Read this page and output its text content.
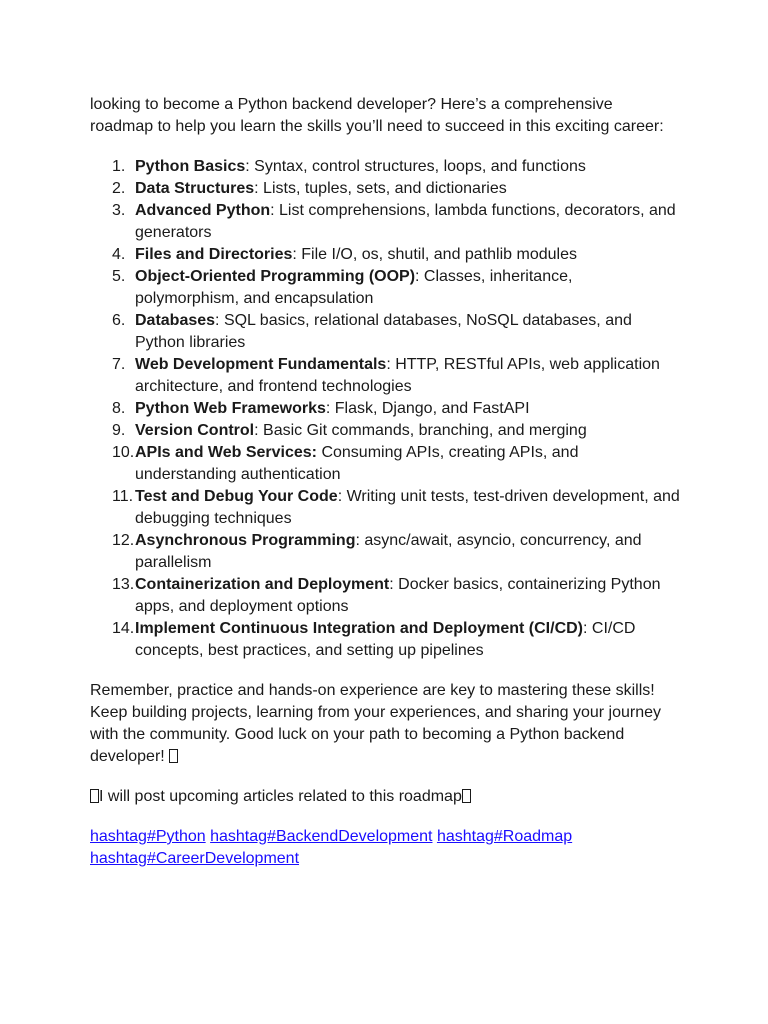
looking to become a Python backend developer? Here’s a comprehensive roadmap to help you learn the skills you’ll need to succeed in this exciting career:

1. Python Basics: Syntax, control structures, loops, and functions
2. Data Structures: Lists, tuples, sets, and dictionaries
3. Advanced Python: List comprehensions, lambda functions, decorators, and generators
4. Files and Directories: File I/O, os, shutil, and pathlib modules
5. Object-Oriented Programming (OOP): Classes, inheritance, polymorphism, and encapsulation
6. Databases: SQL basics, relational databases, NoSQL databases, and Python libraries
7. Web Development Fundamentals: HTTP, RESTful APIs, web application architecture, and frontend technologies
8. Python Web Frameworks: Flask, Django, and FastAPI
9. Version Control: Basic Git commands, branching, and merging
10. APIs and Web Services: Consuming APIs, creating APIs, and understanding authentication
11. Test and Debug Your Code: Writing unit tests, test-driven development, and debugging techniques
12. Asynchronous Programming: async/await, asyncio, concurrency, and parallelism
13. Containerization and Deployment: Docker basics, containerizing Python apps, and deployment options
14. Implement Continuous Integration and Deployment (CI/CD): CI/CD concepts, best practices, and setting up pipelines

Remember, practice and hands-on experience are key to mastering these skills! Keep building projects, learning from your experiences, and sharing your journey with the community. Good luck on your path to becoming a Python backend developer!

I will post upcoming articles related to this roadmap

hashtag#Python hashtag#BackendDevelopment hashtag#Roadmap
hashtag#CareerDevelopment
